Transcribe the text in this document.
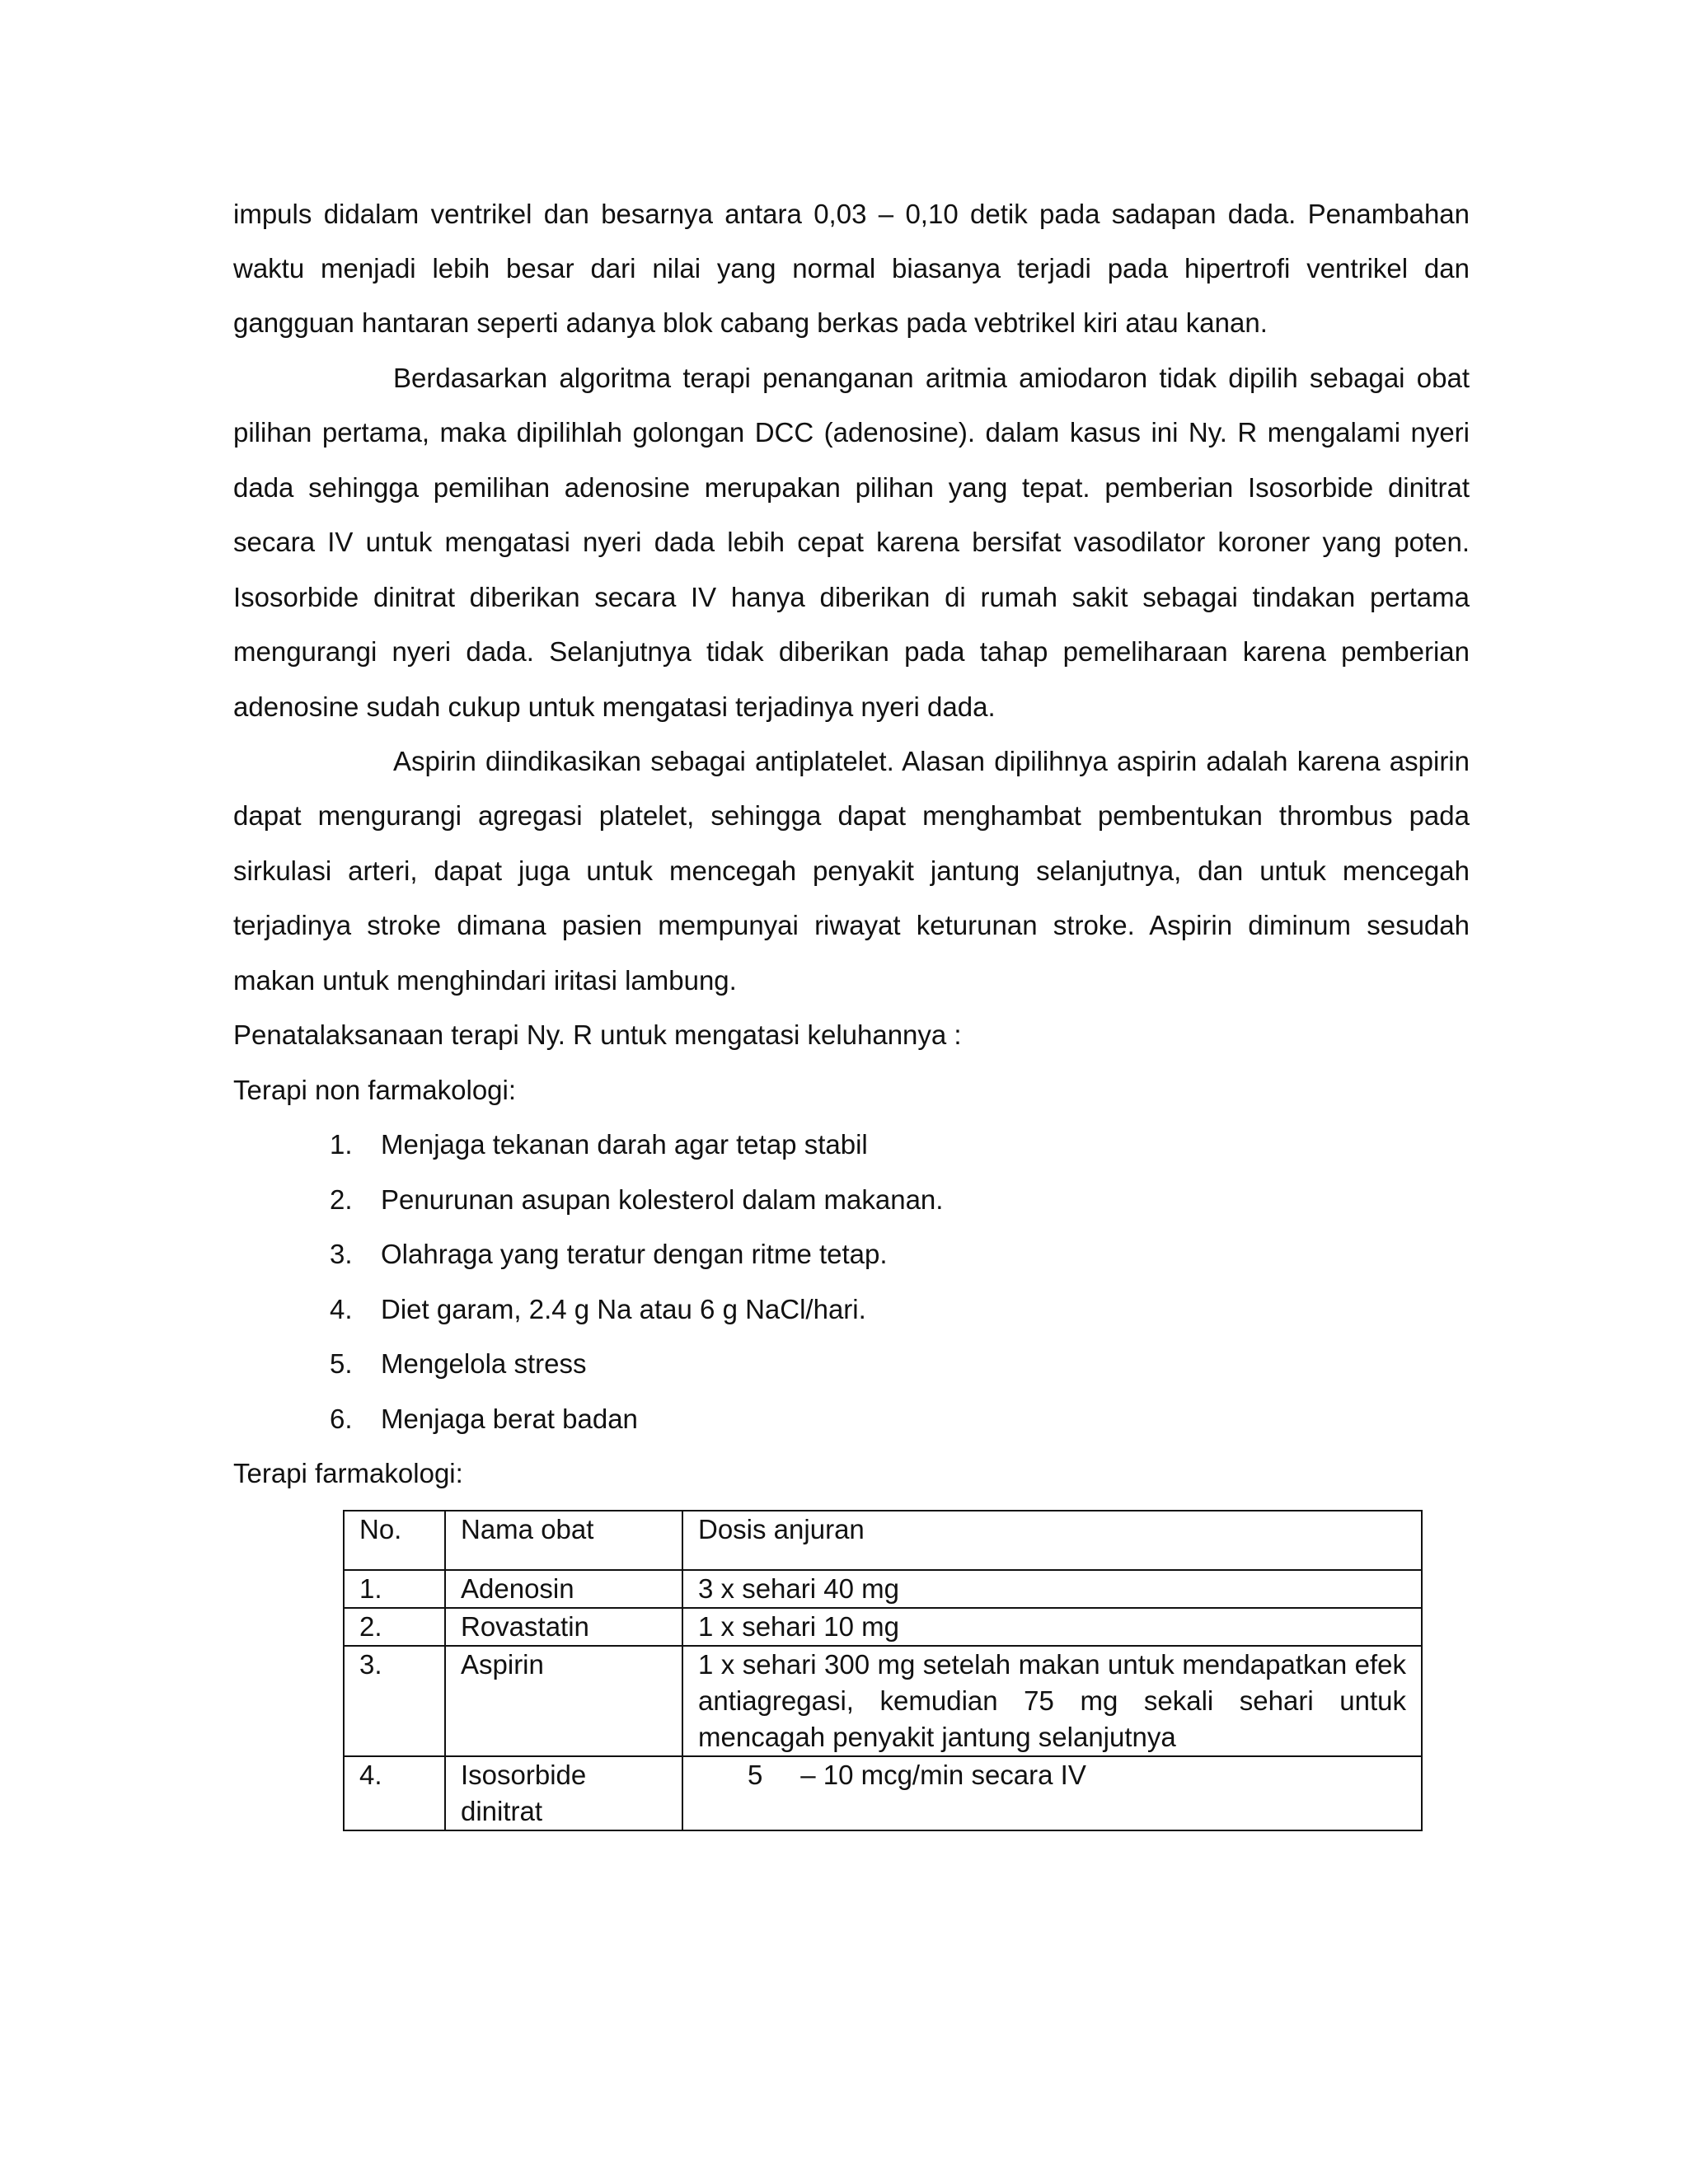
impuls didalam ventrikel dan besarnya antara 0,03 – 0,10 detik pada sadapan dada. Penambahan
waktu menjadi lebih besar dari nilai yang normal biasanya terjadi pada hipertrofi ventrikel dan
gangguan hantaran seperti adanya blok cabang berkas pada vebtrikel kiri atau kanan.
Berdasarkan algoritma terapi penanganan aritmia amiodaron tidak dipilih sebagai obat
pilihan pertama, maka dipilihlah golongan DCC (adenosine). dalam kasus ini Ny. R mengalami nyeri
dada sehingga pemilihan adenosine merupakan pilihan yang tepat. pemberian Isosorbide dinitrat
secara IV untuk mengatasi nyeri dada lebih cepat karena bersifat vasodilator koroner yang poten.
Isosorbide dinitrat diberikan secara IV hanya diberikan di rumah sakit sebagai tindakan pertama
mengurangi nyeri dada. Selanjutnya tidak diberikan pada tahap pemeliharaan karena pemberian
adenosine sudah cukup untuk mengatasi terjadinya nyeri dada.
Aspirin diindikasikan sebagai antiplatelet. Alasan dipilihnya aspirin adalah karena aspirin
dapat mengurangi agregasi platelet, sehingga dapat menghambat pembentukan thrombus pada
sirkulasi arteri, dapat juga untuk mencegah penyakit jantung selanjutnya, dan untuk mencegah
terjadinya stroke dimana pasien mempunyai riwayat keturunan stroke. Aspirin diminum sesudah
makan untuk menghindari iritasi lambung.
Penatalaksanaan terapi Ny. R untuk mengatasi keluhannya :
Terapi non farmakologi:
1. Menjaga tekanan darah agar tetap stabil
2. Penurunan asupan kolesterol dalam makanan.
3. Olahraga yang teratur dengan ritme tetap.
4. Diet garam, 2.4 g Na atau 6 g NaCl/hari.
5. Mengelola stress
6. Menjaga berat badan
Terapi farmakologi:
No.	Nama obat	Dosis anjuran
1.	Adenosin	3 x sehari 40 mg
2.	Rovastatin	1 x sehari 10 mg
3.	Aspirin	1 x sehari 300 mg setelah makan untuk mendapatkan efek antiagregasi, kemudian 75 mg sekali sehari untuk mencagah penyakit jantung selanjutnya
4.	Isosorbide dinitrat	5     – 10 mcg/min secara IV
